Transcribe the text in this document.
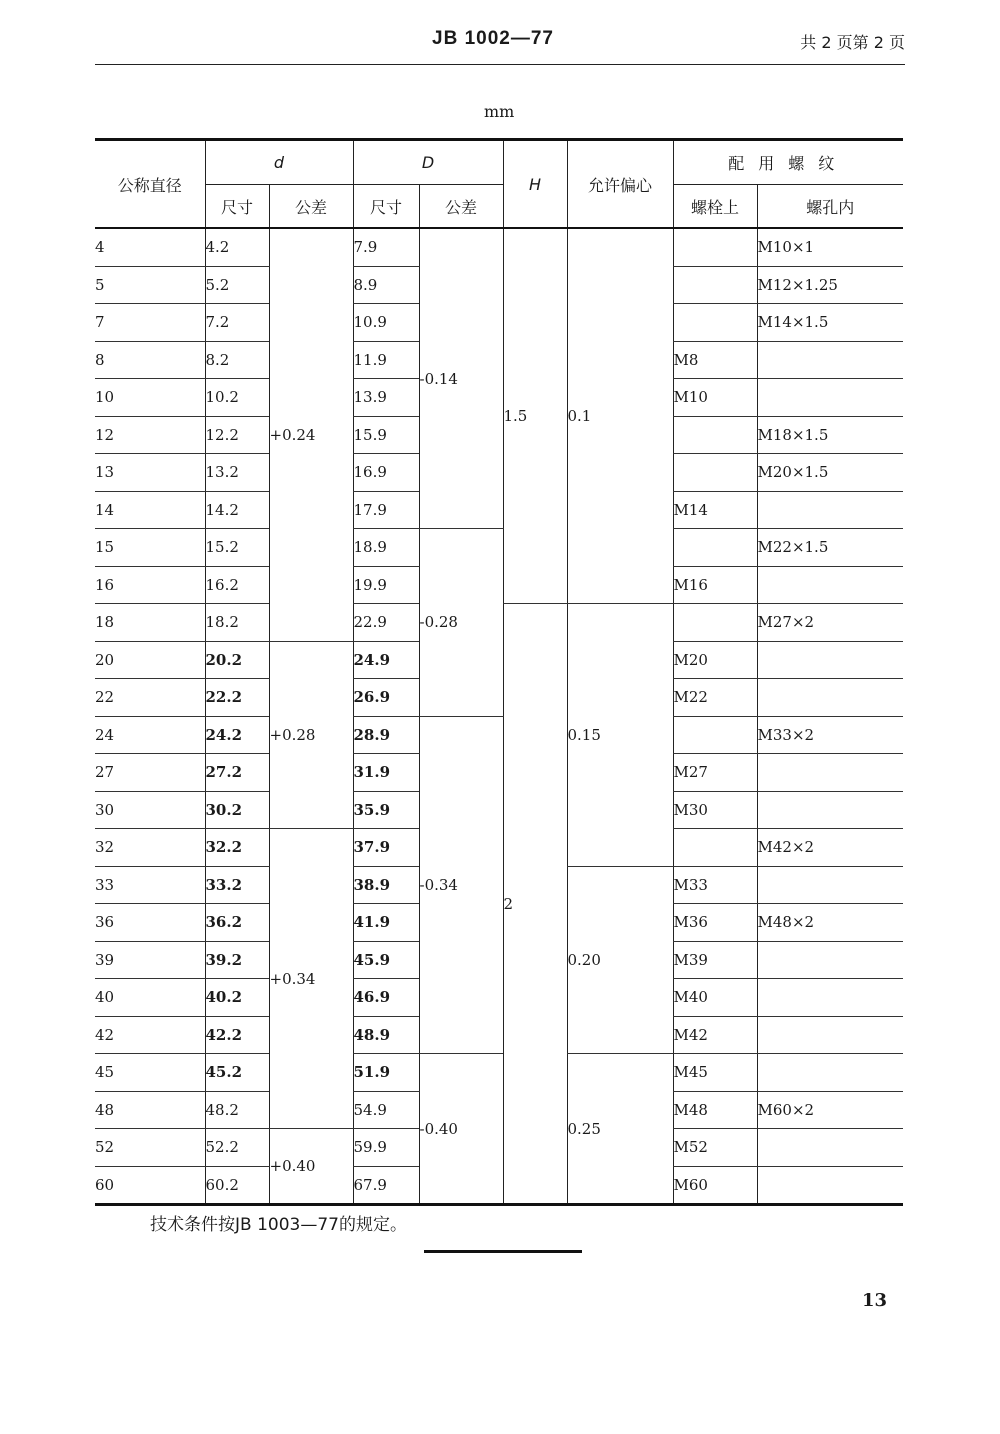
JB 1002—77	共 2 页第 2 页
mm
公称直径	d		D		H	允许偏心	配用螺纹	
	尺寸	公差	尺寸	公差			螺栓上	螺孔内
4	4.2	+0.24	7.9	-0.14	1.5	0.1		M10×1
5	5.2		8.9					M12×1.25
7	7.2		10.9					M14×1.5
8	8.2		11.9				M8	
10	10.2		13.9				M10	
12	12.2		15.9					M18×1.5
13	13.2		16.9					M20×1.5
14	14.2		17.9				M14	
15	15.2		18.9	-0.28				M22×1.5
16	16.2		19.9				M16	
18	18.2		22.9		2	0.15		M27×2
20	20.2	+0.28	24.9				M20	
22	22.2		26.9				M22	
24	24.2		28.9	-0.34				M33×2
27	27.2		31.9				M27	
30	30.2		35.9				M30	
32	32.2	+0.34	37.9					M42×2
33	33.2		38.9			0.20	M33	
36	36.2		41.9				M36	M48×2
39	39.2		45.9				M39	
40	40.2		46.9				M40	
42	42.2		48.9				M42	
45	45.2		51.9	-0.40		0.25	M45	
48	48.2		54.9				M48	M60×2
52	52.2	+0.40	59.9				M52	
60	60.2		67.9				M60	
技术条件按JB 1003—77的规定。
13
